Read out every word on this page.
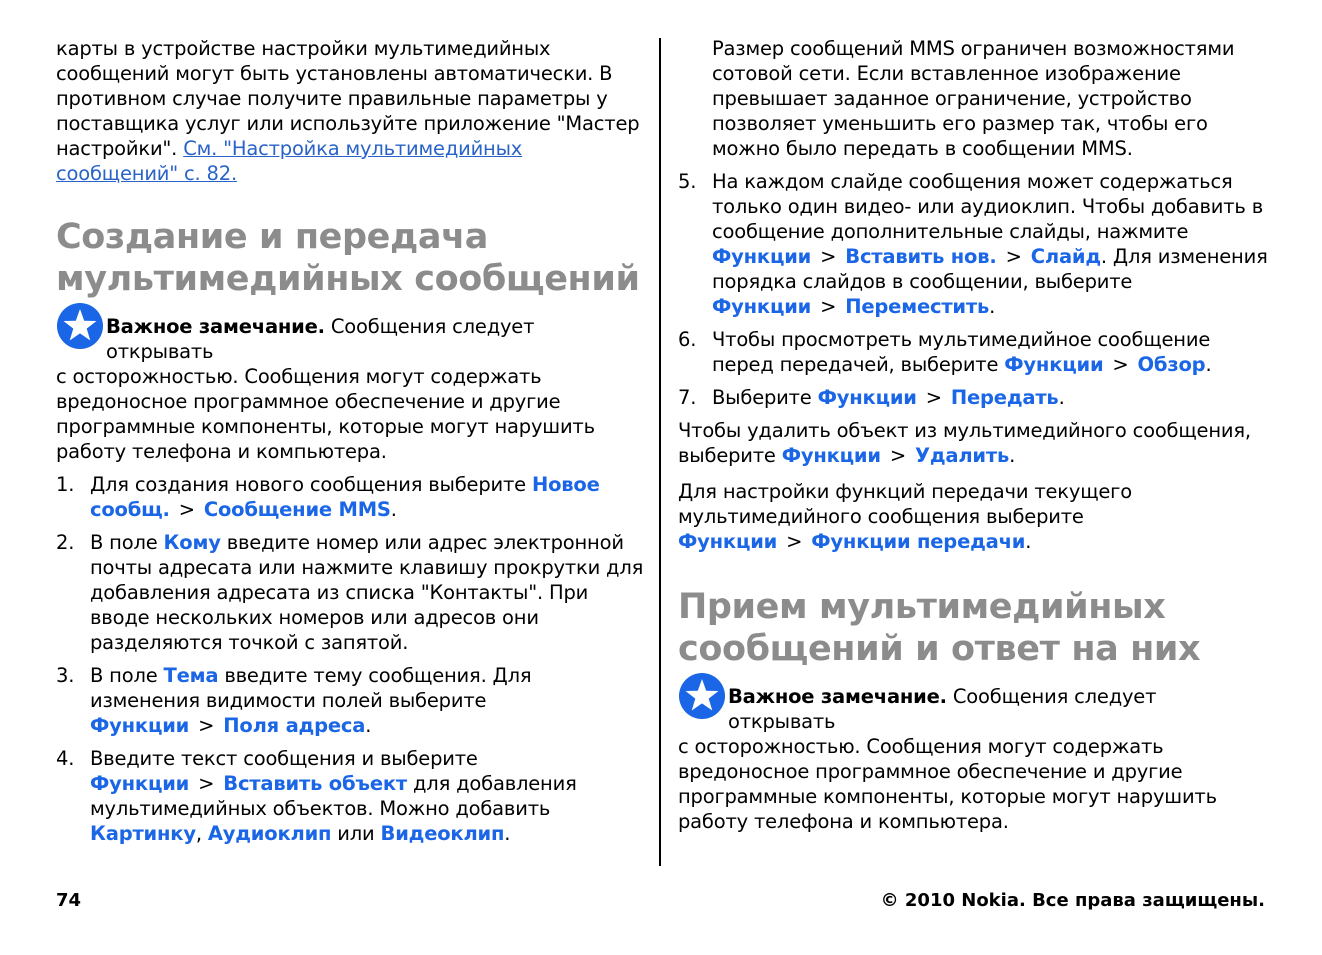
карты в устройстве настройки мультимедийных сообщений могут быть установлены автоматически. В противном случае получите правильные параметры у поставщика услуг или используйте приложение "Мастер настройки". См. "Настройка мультимедийных сообщений" с. 82.

Создание и передача
мультимедийных сообщений

Важное замечание. Сообщения следует открывать

с осторожностью. Сообщения могут содержать вредоносное программное обеспечение и другие программные компоненты, которые могут нарушить работу телефона и компьютера.

1. Для создания нового сообщения выберите Новое сообщ. > Сообщение MMS.

2. В поле Кому введите номер или адрес электронной почты адресата или нажмите клавишу прокрутки для добавления адресата из списка "Контакты". При вводе нескольких номеров или адресов они разделяются точкой с запятой.

3. В поле Тема введите тему сообщения. Для изменения видимости полей выберите Функции > Поля адреса.

4. Введите текст сообщения и выберите Функции > Вставить объект для добавления мультимедийных объектов. Можно добавить Картинку, Аудиоклип или Видеоклип.

Размер сообщений MMS ограничен возможностями сотовой сети. Если вставленное изображение превышает заданное ограничение, устройство позволяет уменьшить его размер так, чтобы его можно было передать в сообщении MMS.

5. На каждом слайде сообщения может содержаться только один видео- или аудиоклип. Чтобы добавить в сообщение дополнительные слайды, нажмите Функции > Вставить нов. > Слайд. Для изменения порядка слайдов в сообщении, выберите Функции > Переместить.

6. Чтобы просмотреть мультимедийное сообщение перед передачей, выберите Функции > Обзор.

7. Выберите Функции > Передать.

Чтобы удалить объект из мультимедийного сообщения, выберите Функции > Удалить.

Для настройки функций передачи текущего мультимедийного сообщения выберите Функции > Функции передачи.

Прием мультимедийных
сообщений и ответ на них

Важное замечание. Сообщения следует открывать

с осторожностью. Сообщения могут содержать вредоносное программное обеспечение и другие программные компоненты, которые могут нарушить работу телефона и компьютера.

74	© 2010 Nokia. Все права защищены.
